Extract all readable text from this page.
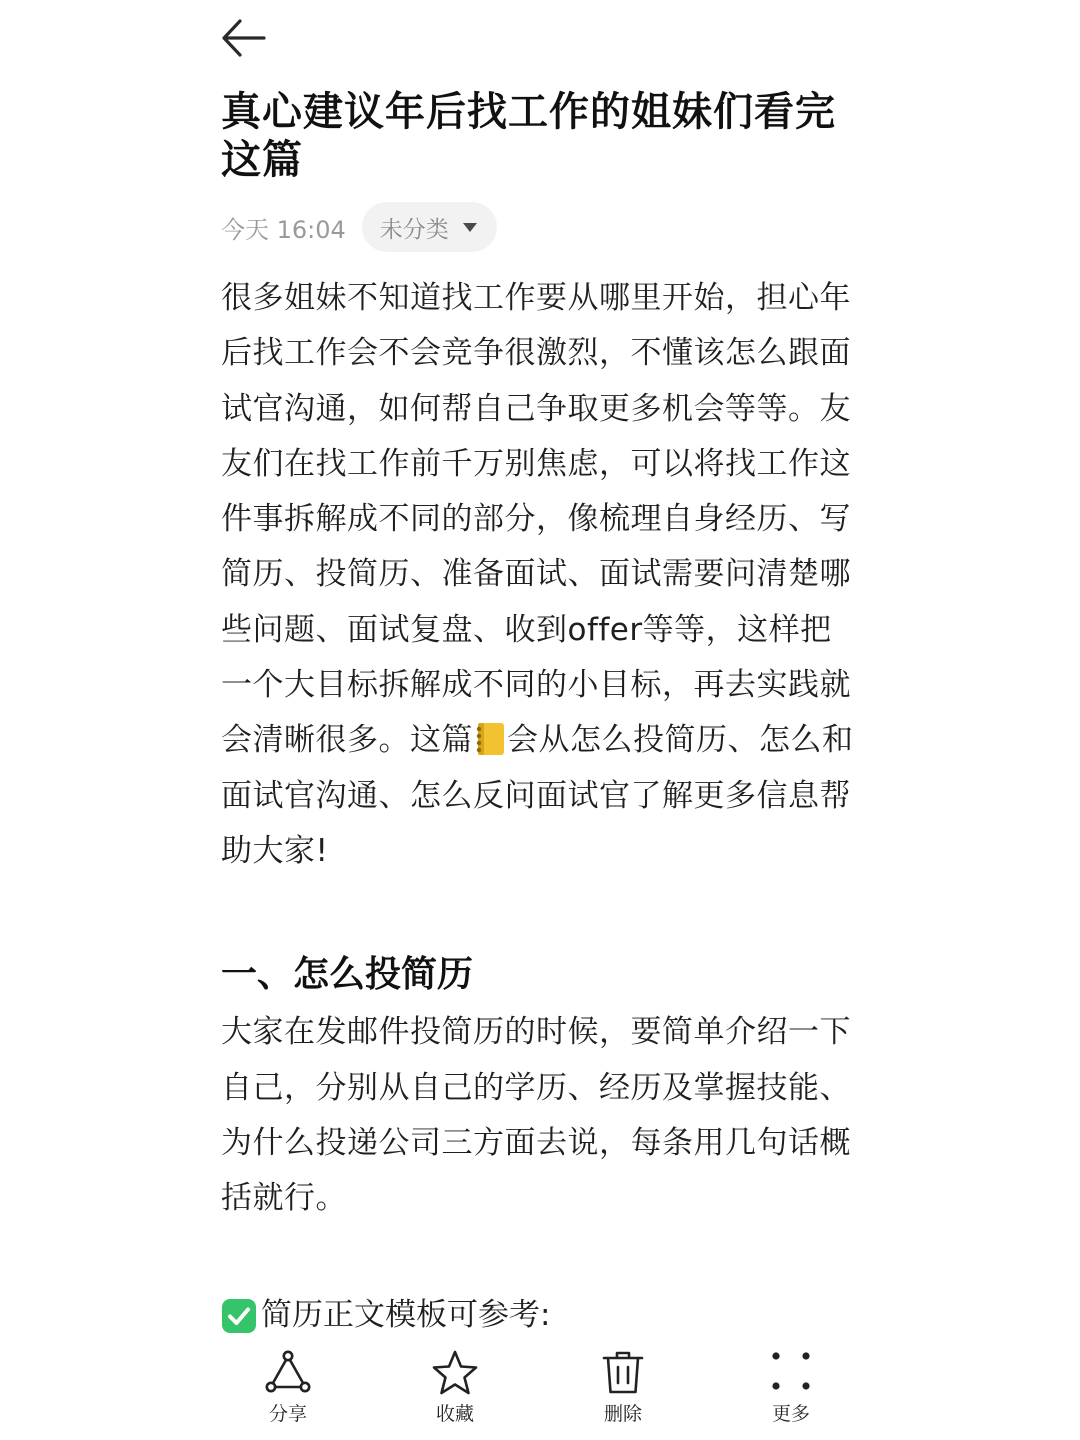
真心建议年后找工作的姐妹们看完这篇
今天 16:04 未分类

很多姐妹不知道找工作要从哪里开始，担心年后找工作会不会竞争很激烈，不懂该怎么跟面试官沟通，如何帮自己争取更多机会等等。友友们在找工作前千万别焦虑，可以将找工作这件事拆解成不同的部分，像梳理自身经历、写简历、投简历、准备面试、面试需要问清楚哪些问题、面试复盘、收到offer等等，这样把一个大目标拆解成不同的小目标，再去实践就会清晰很多。这篇 会从怎么投简历、怎么和面试官沟通、怎么反问面试官了解更多信息帮助大家!

一、怎么投简历

大家在发邮件投简历的时候，要简单介绍一下自己，分别从自己的学历、经历及掌握技能、为什么投递公司三方面去说，每条用几句话概括就行。

简历正文模板可参考:
分享	收藏	删除	更多
